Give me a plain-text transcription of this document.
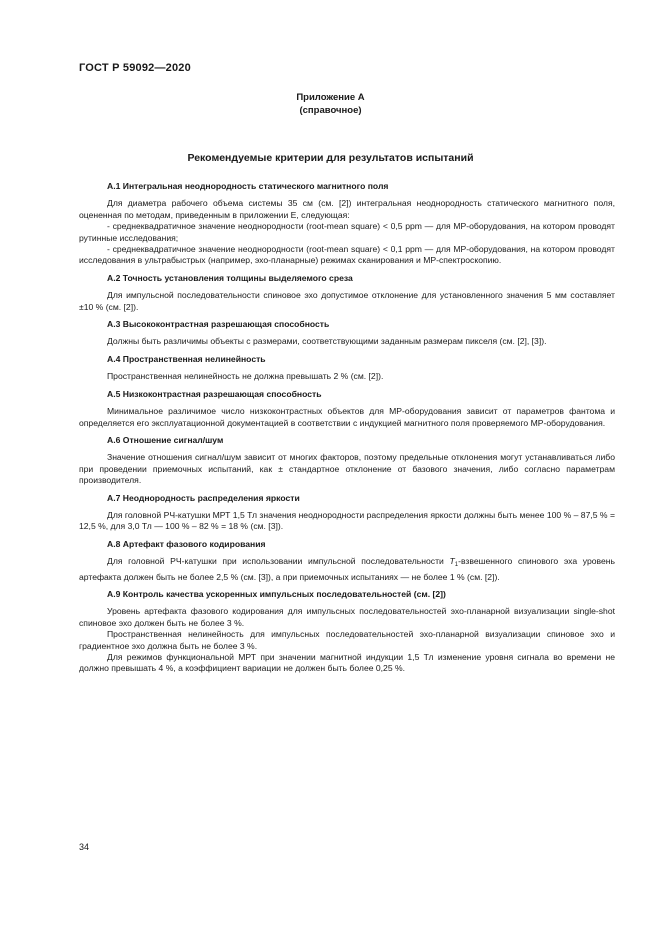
ГОСТ Р 59092—2020
Приложение А
(справочное)
Рекомендуемые критерии для результатов испытаний
А.1 Интегральная неоднородность статического магнитного поля

Для диаметра рабочего объема системы 35 см (см. [2]) интегральная неоднородность статического магнитного поля, оцененная по методам, приведенным в приложении Е, следующая:

- среднеквадратичное значение неоднородности (root-mean square) < 0,5 ppm — для МР-оборудования, на котором проводят рутинные исследования;

- среднеквадратичное значение неоднородности (root-mean square) < 0,1 ppm — для МР-оборудования, на котором проводят исследования в ультрабыстрых (например, эхо-планарные) режимах сканирования и МР-спектроскопию.

А.2 Точность установления толщины выделяемого среза

Для импульсной последовательности спиновое эхо допустимое отклонение для установленного значения 5 мм составляет ±10 % (см. [2]).

А.3 Высококонтрастная разрешающая способность

Должны быть различимы объекты с размерами, соответствующими заданным размерам пикселя (см. [2], [3]).

А.4 Пространственная нелинейность

Пространственная нелинейность не должна превышать 2 % (см. [2]).

А.5 Низкоконтрастная разрешающая способность

Минимальное различимое число низкоконтрастных объектов для МР-оборудования зависит от параметров фантома и определяется его эксплуатационной документацией в соответствии с индукцией магнитного поля проверяемого МР-оборудования.

А.6 Отношение сигнал/шум

Значение отношения сигнал/шум зависит от многих факторов, поэтому предельные отклонения могут устанавливаться либо при проведении приемочных испытаний, как ± стандартное отклонение от базового значения, либо согласно параметрам производителя.

А.7 Неоднородность распределения яркости

Для головной РЧ-катушки МРТ 1,5 Тл значения неоднородности распределения яркости должны быть менее 100 % – 87,5 % = 12,5 %, для 3,0 Тл — 100 % – 82 % = 18 % (см. [3]).

А.8 Артефакт фазового кодирования

Для головной РЧ-катушки при использовании импульсной последовательности $T_1$-взвешенного спинового эха уровень артефакта должен быть не более 2,5 % (см. [3]), а при приемочных испытаниях — не более 1 % (см. [2]).

А.9 Контроль качества ускоренных импульсных последовательностей (см. [2])

Уровень артефакта фазового кодирования для импульсных последовательностей эхо-планарной визуализации single-shot спиновое эхо должен быть не более 3 %.

Пространственная нелинейность для импульсных последовательностей эхо-планарной визуализации спиновое эхо и градиентное эхо должна быть не более 3 %.

Для режимов функциональной МРТ при значении магнитной индукции 1,5 Тл изменение уровня сигнала во времени не должно превышать 4 %, а коэффициент вариации не должен быть более 0,25 %.

34
